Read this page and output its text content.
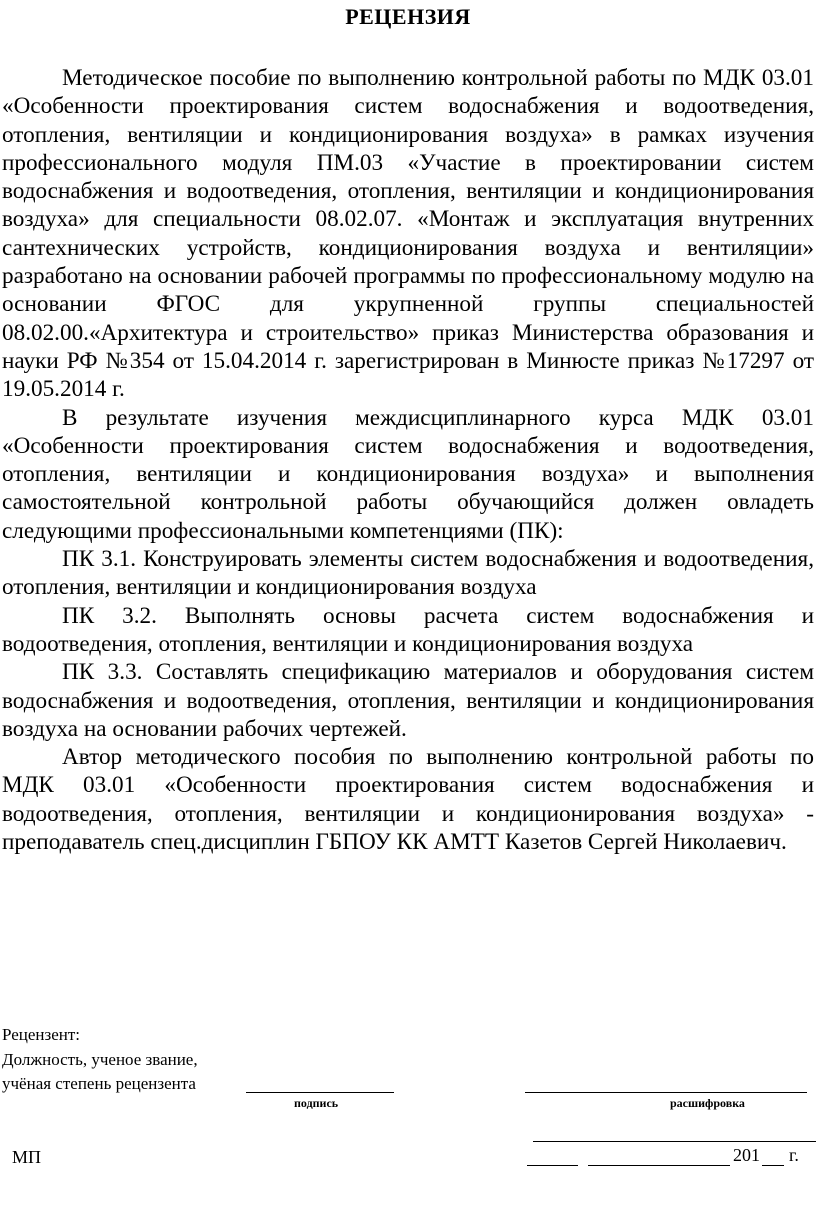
РЕЦЕНЗИЯ

Методическое пособие по выполнению контрольной работы по МДК 03.01 «Особенности проектирования систем водоснабжения и водоотведения, отопления, вентиляции и кондиционирования воздуха» в рамках изучения профессионального модуля ПМ.03 «Участие в проектировании систем водоснабжения и водоотведения, отопления, вентиляции и кондиционирования воздуха» для специальности 08.02.07. «Монтаж и эксплуатация внутренних сантехнических устройств, кондиционирования воздуха и вентиляции» разработано на основании рабочей программы по профессиональному модулю на основании ФГОС для укрупненной группы специальностей 08.02.00.«Архитектура и строительство» приказ Министерства образования и науки РФ №354 от 15.04.2014 г. зарегистрирован в Минюсте приказ №17297 от 19.05.2014 г.

В результате изучения междисциплинарного курса МДК 03.01 «Особенности проектирования систем водоснабжения и водоотведения, отопления, вентиляции и кондиционирования воздуха» и выполнения самостоятельной контрольной работы обучающийся должен овладеть следующими профессиональными компетенциями (ПК):

ПК 3.1. Конструировать элементы систем водоснабжения и водоотведения, отопления, вентиляции и кондиционирования воздуха

ПК 3.2. Выполнять основы расчета систем водоснабжения и водоотведения, отопления, вентиляции и кондиционирования воздуха

ПК 3.3. Составлять спецификацию материалов и оборудования систем водоснабжения и водоотведения, отопления, вентиляции и кондиционирования воздуха на основании рабочих чертежей.

Автор методического пособия по выполнению контрольной работы по МДК 03.01 «Особенности проектирования систем водоснабжения и водоотведения, отопления, вентиляции и кондиционирования воздуха» - преподаватель спец.дисциплин ГБПОУ КК АМТТ Казетов Сергей Николаевич.

Рецензент:
Должность, ученое звание,
учёная степень рецензента
подпись	расшифровка
МП	201 г.
